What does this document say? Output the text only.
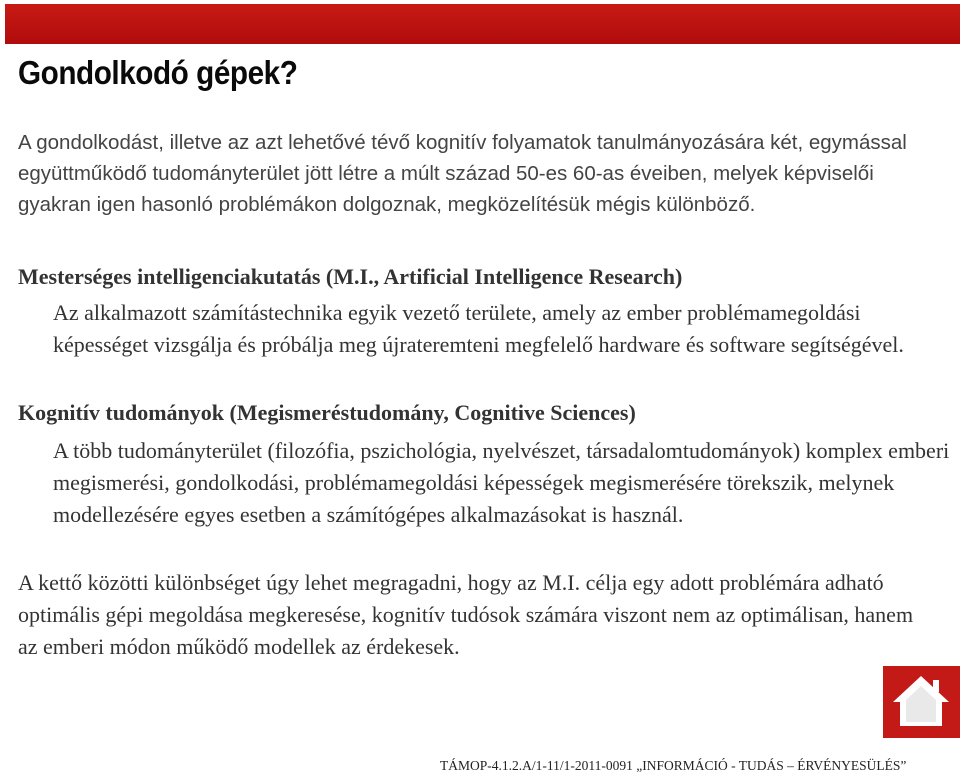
Gondolkodó gépek?

A gondolkodást, illetve az azt lehetővé tévő kognitív folyamatok tanulmányozására két, egymással együttműködő tudományterület jött létre a múlt század 50-es 60-as éveiben, melyek képviselői gyakran igen hasonló problémákon dolgoznak, megközelítésük mégis különböző.

Mesterséges intelligenciakutatás (M.I., Artificial Intelligence Research)

Az alkalmazott számítástechnika egyik vezető területe, amely az ember problémamegoldási képességet vizsgálja és próbálja meg újrateremteni megfelelő hardware és software segítségével.

Kognitív tudományok (Megismeréstudomány, Cognitive Sciences)

A több tudományterület (filozófia, pszichológia, nyelvészet, társadalomtudományok) komplex emberi megismerési, gondolkodási, problémamegoldási képességek megismerésére törekszik, melynek modellezésére egyes esetben a számítógépes alkalmazásokat is használ.

A kettő közötti különbséget úgy lehet megragadni, hogy az M.I. célja egy adott problémára adható optimális gépi megoldása megkeresése, kognitív tudósok számára viszont nem az optimálisan, hanem az emberi módon működő modellek az érdekesek.

TÁMOP-4.1.2.A/1-11/1-2011-0091 „INFORMÁCIÓ - TUDÁS – ÉRVÉNYESÜLÉS”
